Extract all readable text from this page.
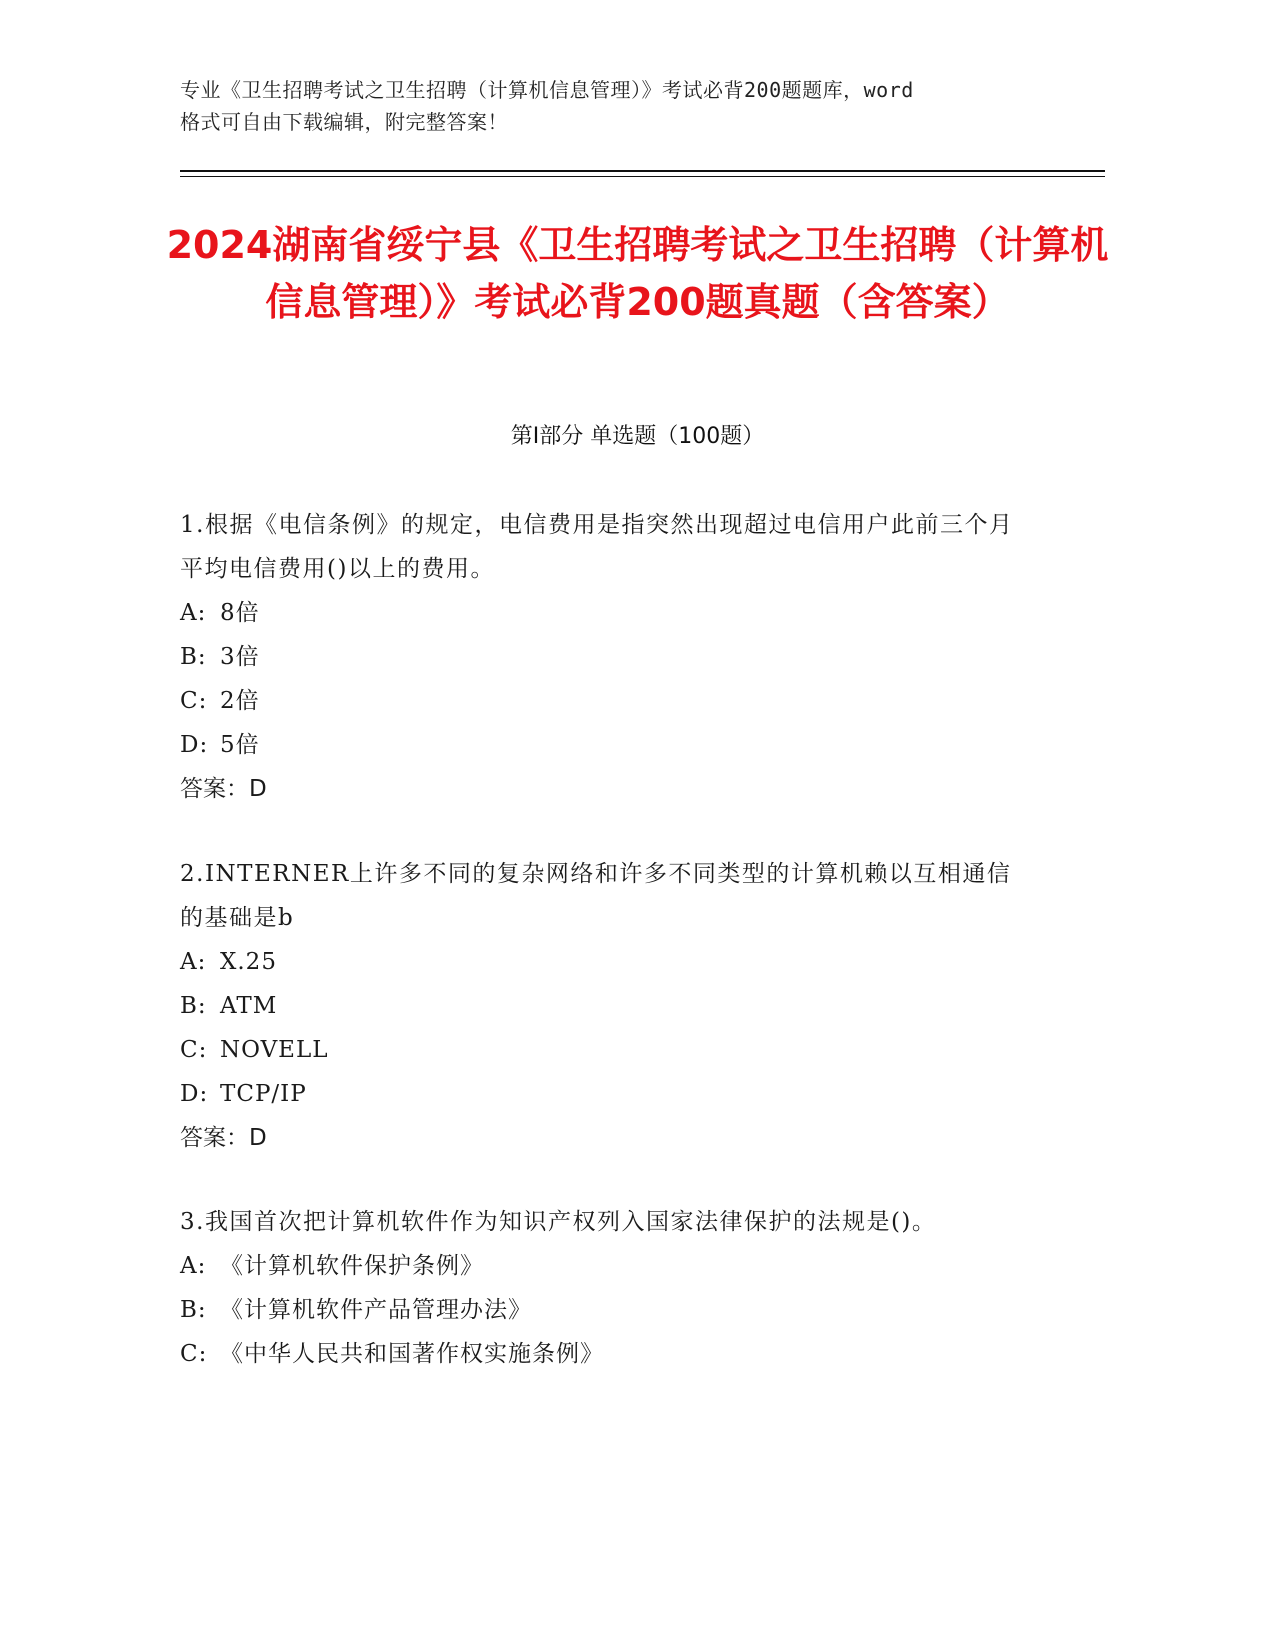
专业《卫生招聘考试之卫生招聘（计算机信息管理）》考试必背200题题库，word
格式可自由下载编辑，附完整答案！
2024湖南省绥宁县《卫生招聘考试之卫生招聘（计算机信息管理）》考试必背200题真题（含答案）
第Ⅰ部分 单选题（100题）
1.根据《电信条例》的规定，电信费用是指突然出现超过电信用户此前三个月平均电信费用()以上的费用。
A: 8倍
B: 3倍
C: 2倍
D: 5倍
答案：D
2.INTERNER上许多不同的复杂网络和许多不同类型的计算机赖以互相通信的基础是b
A: X.25
B: ATM
C: NOVELL
D: TCP/IP
答案：D
3.我国首次把计算机软件作为知识产权列入国家法律保护的法规是()。
A: 《计算机软件保护条例》
B: 《计算机软件产品管理办法》
C: 《中华人民共和国著作权实施条例》
